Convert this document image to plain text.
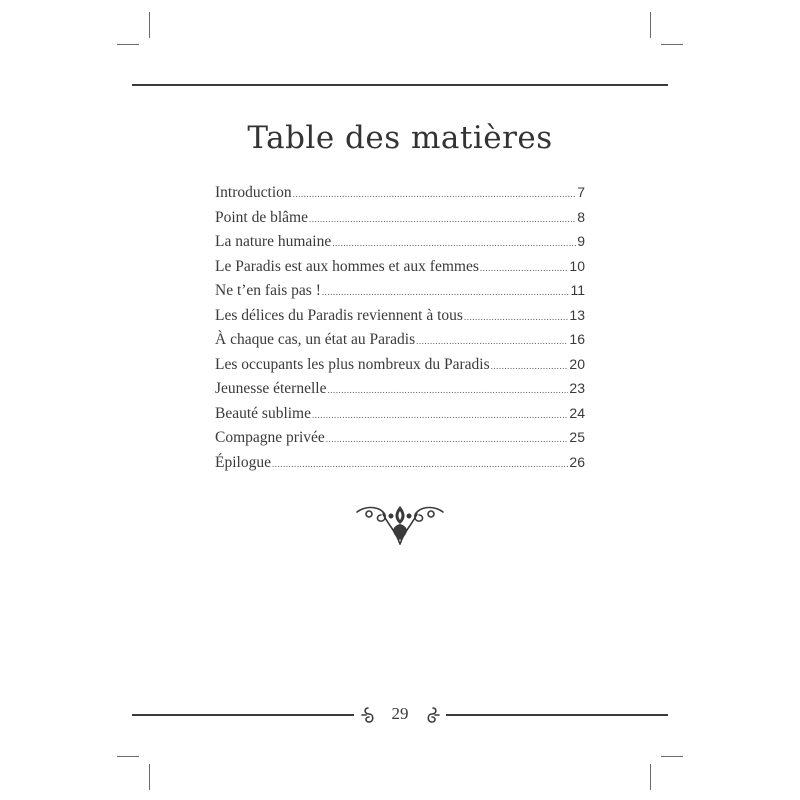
Table des matières
Introduction .....	7
Point de blâme .....	8
La nature humaine .....	9
Le Paradis est aux hommes et aux femmes .....	10
Ne t’en fais pas ! .....	11
Les délices du Paradis reviennent à tous .....	13
À chaque cas, un état au Paradis .....	16
Les occupants les plus nombreux du Paradis .....	20
Jeunesse éternelle .....	23
Beauté sublime .....	24
Compagne privée .....	25
Épilogue .....	26
29
